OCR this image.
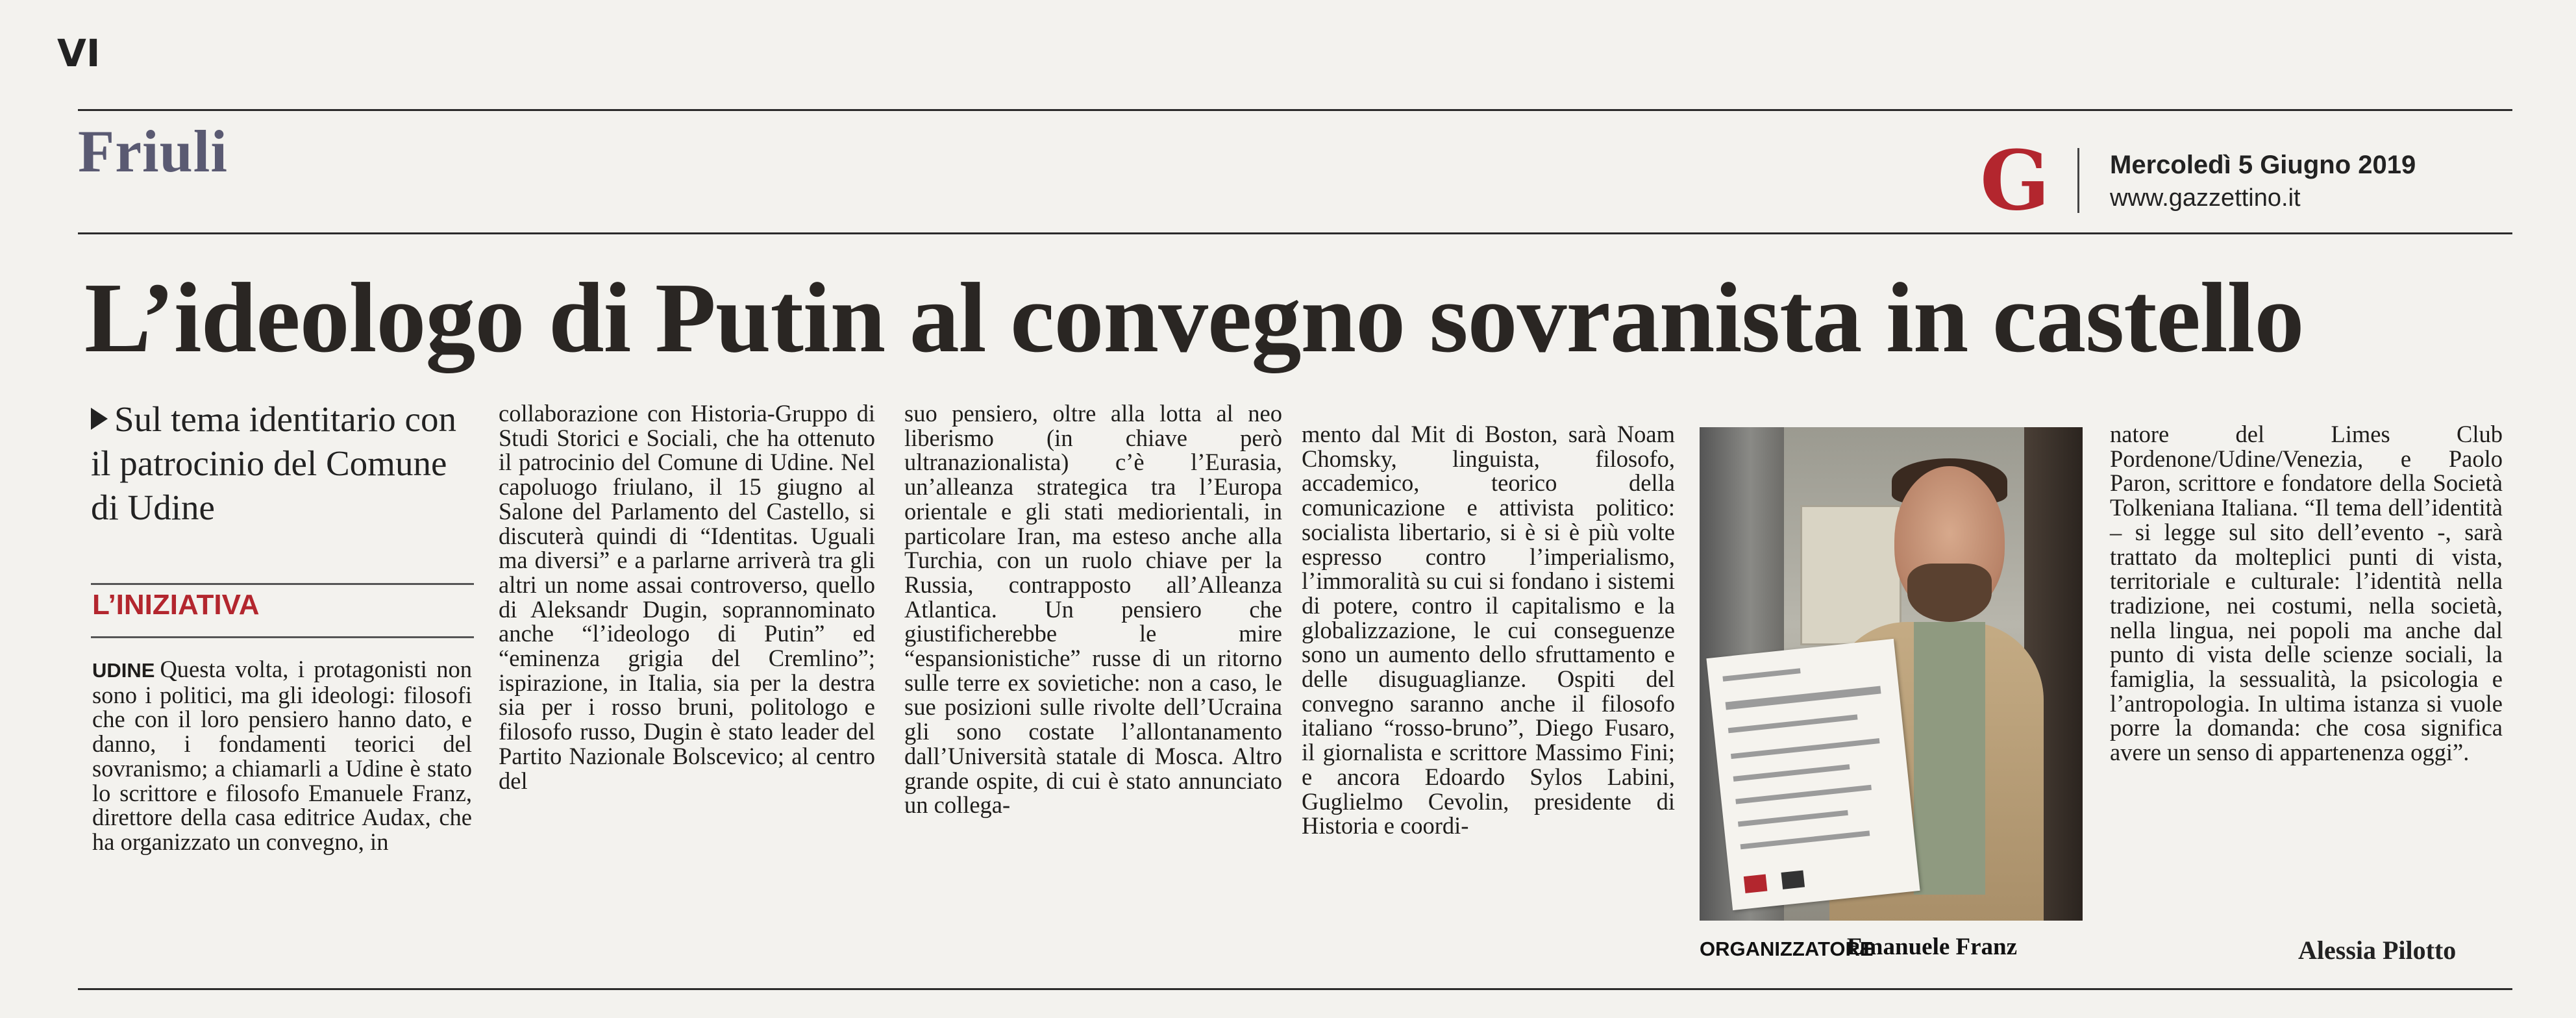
VI
Friuli	G Mercoledì 5 Giugno 2019
www.gazzettino.it
L’ideologo di Putin al convegno sovranista in castello
Sul tema identitario con il patrocinio del Comune di Udine
L’INIZIATIVA
UDINE Questa volta, i protagonisti non sono i politici, ma gli ideologi: filosofi che con il loro pensiero hanno dato, e danno, i fondamenti teorici del sovranismo; a chiamarli a Udine è stato lo scrittore e filosofo Emanuele Franz, direttore della casa editrice Audax, che ha organizzato un convegno, in
collaborazione con Historia-Gruppo di Studi Storici e Sociali, che ha ottenuto il patrocinio del Comune di Udine. Nel capoluogo friulano, il 15 giugno al Salone del Parlamento del Castello, si discuterà quindi di “Identitas. Uguali ma diversi” e a parlarne arriverà tra gli altri un nome assai controverso, quello di Aleksandr Dugin, soprannominato anche “l’ideologo di Putin” ed “eminenza grigia del Cremlino”; ispirazione, in Italia, sia per la destra sia per i rosso bruni, politologo e filosofo russo, Dugin è stato leader del Partito Nazionale Bolscevico; al centro del
suo pensiero, oltre alla lotta al neo liberismo (in chiave però ultranazionalista) c’è l’Eurasia, un’alleanza strategica tra l’Europa orientale e gli stati mediorientali, in particolare Iran, ma esteso anche alla Turchia, con un ruolo chiave per la Russia, contrapposto all’Alleanza Atlantica. Un pensiero che giustificherebbe le mire “espansionistiche” russe di un ritorno sulle terre ex sovietiche: non a caso, le sue posizioni sulle rivolte dell’Ucraina gli sono costate l’allontanamento dall’Università statale di Mosca. Altro grande ospite, di cui è stato annunciato un collega-
mento dal Mit di Boston, sarà Noam Chomsky, linguista, filosofo, accademico, teorico della comunicazione e attivista politico: socialista libertario, si è si è più volte espresso contro l’imperialismo, l’immoralità su cui si fondano i sistemi di potere, contro il capitalismo e la globalizzazione, le cui conseguenze sono un aumento dello sfruttamento e delle disuguaglianze. Ospiti del convegno saranno anche il filosofo italiano “rosso-bruno”, Diego Fusaro, il giornalista e scrittore Massimo Fini; e ancora Edoardo Sylos Labini, Guglielmo Cevolin, presidente di Historia e coordi-
ORGANIZZATORE
Emanuele Franz
natore del Limes Club Pordenone/Udine/Venezia, e Paolo Paron, scrittore e fondatore della Società Tolkeniana Italiana. “Il tema dell’identità – si legge sul sito dell’evento -, sarà trattato da molteplici punti di vista, territoriale e culturale: l’identità nella tradizione, nei costumi, nella società, nella lingua, nei popoli ma anche dal punto di vista delle scienze sociali, la famiglia, la sessualità, la psicologia e l’antropologia. In ultima istanza si vuole porre la domanda: che cosa significa avere un senso di appartenenza oggi”.
Alessia Pilotto
